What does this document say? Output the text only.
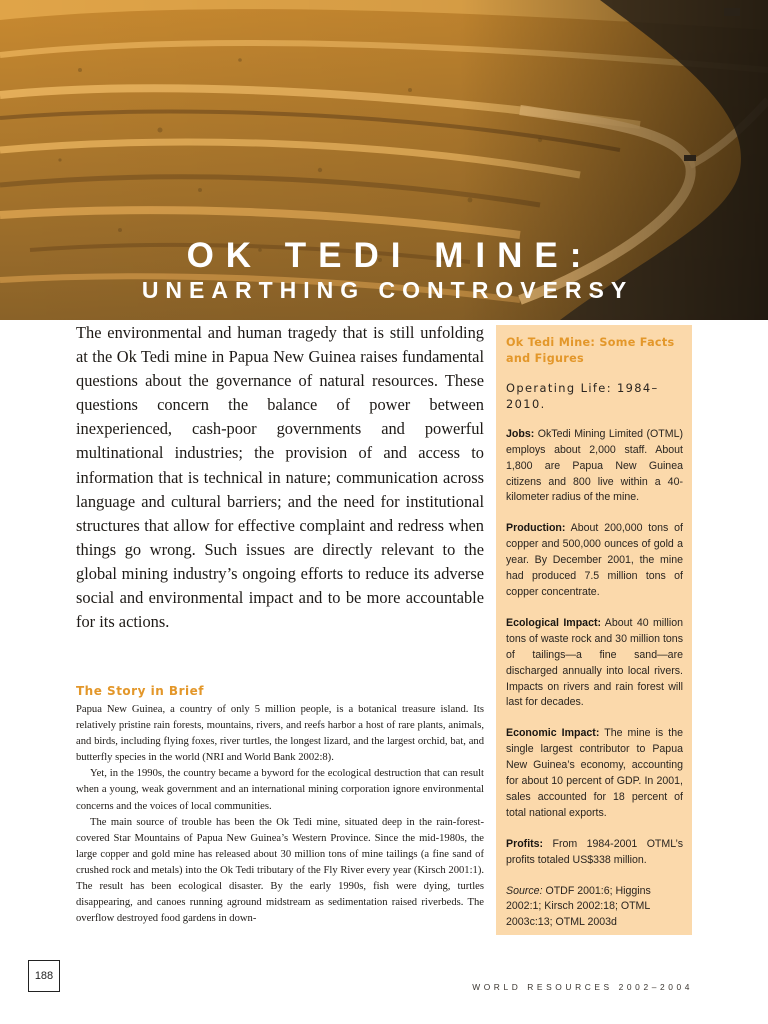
OK TEDI MINE:
UNEARTHING CONTROVERSY

The environmental and human tragedy that is still unfolding at the Ok Tedi mine in Papua New Guinea raises fundamental questions about the governance of natural resources. These questions concern the balance of power between inexperienced, cash-poor governments and powerful multinational industries; the provision of and access to information that is technical in nature; communication across language and cultural barriers; and the need for institutional structures that allow for effective complaint and redress when things go wrong. Such issues are directly relevant to the global mining industry’s ongoing efforts to reduce its adverse social and environmental impact and to be more accountable for its actions.

The Story in Brief

Papua New Guinea, a country of only 5 million people, is a botanical treasure island. Its relatively pristine rain forests, mountains, rivers, and reefs harbor a host of rare plants, animals, and birds, including flying foxes, river turtles, the longest lizard, and the largest orchid, bat, and butterfly species in the world (NRI and World Bank 2002:8).

Yet, in the 1990s, the country became a byword for the ecological destruction that can result when a young, weak government and an international mining corporation ignore environmental concerns and the voices of local communities.

The main source of trouble has been the Ok Tedi mine, situated deep in the rain-forest-covered Star Mountains of Papua New Guinea’s Western Province. Since the mid-1980s, the large copper and gold mine has released about 30 million tons of mine tailings (a fine sand of crushed rock and metals) into the Ok Tedi tributary of the Fly River every year (Kirsch 2001:1). The result has been ecological disaster. By the early 1990s, fish were dying, turtles disappearing, and canoes running aground midstream as sedimentation raised riverbeds. The overflow destroyed food gardens in down-

Ok Tedi Mine: Some Facts and Figures
Operating Life: 1984–2010.
Jobs: OkTedi Mining Limited (OTML) employs about 2,000 staff. About 1,800 are Papua New Guinea citizens and 800 live within a 40-kilometer radius of the mine.
Production: About 200,000 tons of copper and 500,000 ounces of gold a year. By December 2001, the mine had produced 7.5 million tons of copper concentrate.
Ecological Impact: About 40 million tons of waste rock and 30 million tons of tailings—a fine sand—are discharged annually into local rivers. Impacts on rivers and rain forest will last for decades.
Economic Impact: The mine is the single largest contributor to Papua New Guinea’s economy, accounting for about 10 percent of GDP. In 2001, sales accounted for 18 percent of total national exports.
Profits: From 1984-2001 OTML’s profits totaled US$338 million.
Source: OTDF 2001:6; Higgins 2002:1; Kirsch 2002:18; OTML 2003c:13; OTML 2003d
188
WORLD RESOURCES 2002–2004
